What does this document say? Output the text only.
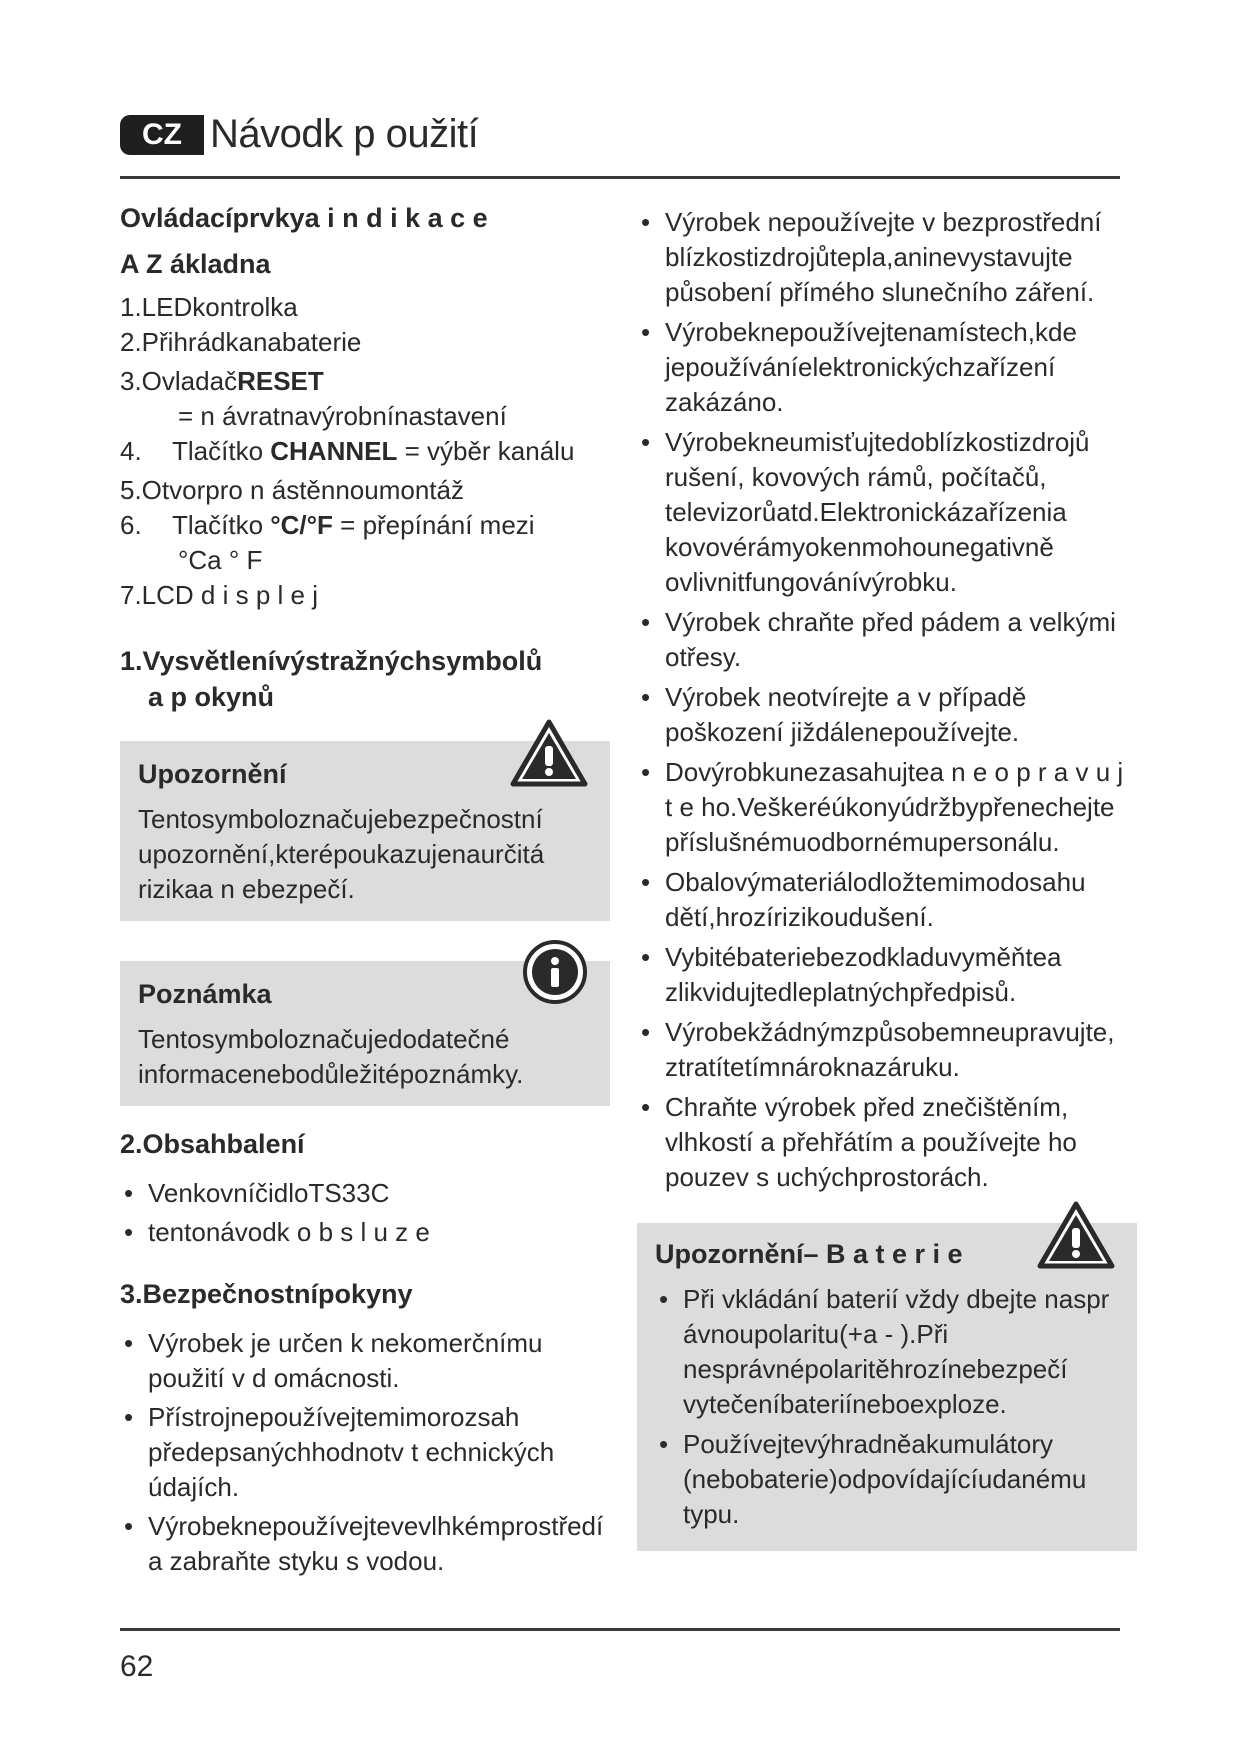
CZ Návodk p oužití
Ovládacíprvkya i n d i k a c e
A Z ákladna
1.LEDkontrolka
2.Přihrádkanabaterie
3.OvladačRESET
= n ávratnavýrobnínastavení
4. Tlačítko CHANNEL = výběr kanálu
5.Otvorpro n ástěnnoumontáž
6. Tlačítko °C/°F = přepínání mezi
°Ca ° F
7.LCD d i s p l e j
1.Vysvětlenívýstražnýchsymbolů
a p okynů
Upozornění
Tentosymboloznačujebezpečnostní upozornění,kterépoukazujenaurčitá rizikaa n ebezpečí.
Poznámka
Tentosymboloznačujedodatečné informacenebodůležitépoznámky.
2.Obsahbalení
• VenkovníčidloTS33C
• tentonávodk o b s l u z e
3.Bezpečnostnípokyny
• Výrobek je určen k nekomerčnímu použití v d omácnosti.
• Přístrojnepoužívejtemimorozsah předepsanýchhodnotv t echnických údajích.
• Výrobeknepoužívejtevevlhkémprostředí a zabraňte styku s vodou.
• Výrobek nepoužívejte v bezprostřední blízkostizdrojůtepla,aninevystavujte působení přímého slunečního záření.
• Výrobeknepoužívejtenamístech,kde jepoužíváníelektronickýchzařízení zakázáno.
• Výrobekneumisťujtedoblízkostizdrojů rušení, kovových rámů, počítačů, televizorůatd.Elektronickázařízenia kovovérámyokenmohounegativně ovlivnitfungovánívýrobku.
• Výrobek chraňte před pádem a velkými otřesy.
• Výrobek neotvírejte a v případě poškození jiždálenepoužívejte.
• Dovýrobkunezasahujtea n e o p r a v u j t e ho.Veškeréúkonyúdržbypřenechejte příslušnémuodbornémupersonálu.
• Obalovýmateriálodložtemimodosahu dětí,hrozírizikoudušení.
• Vybitébateriebezodkladuvyměňtea zlikvidujtedleplatnýchpředpisů.
• Výrobekžádnýmzpůsobemneupravujte, ztratítetímnároknazáruku.
• Chraňte výrobek před znečištěním, vlhkostí a přehřátím a používejte ho pouzev s uchýchprostorách.
Upozornění– B a t e r i e
• Při vkládání baterií vždy dbejte naspr ávnoupolaritu(+a - ).Při nesprávnépolaritěhrozínebezpečí vytečeníbateriíneboexploze.
• Používejtevýhradněakumulátory (nebobaterie)odpovídajícíudanému typu.
62
